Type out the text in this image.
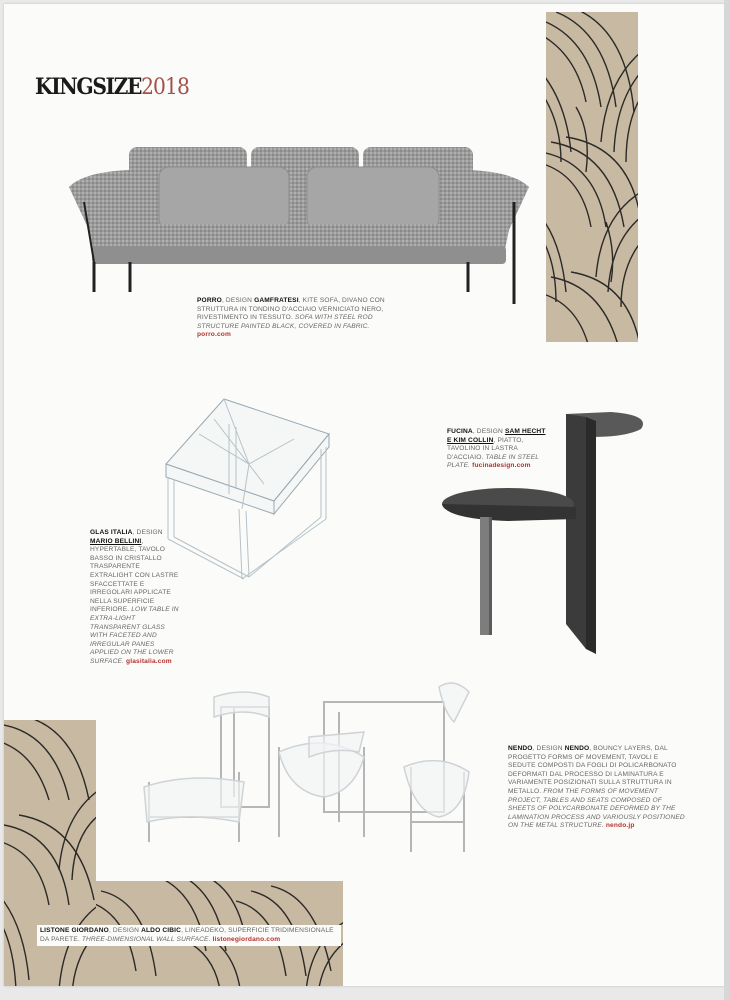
KINGSIZE2018
PORRO, DESIGN GAMFRATESI, KITE SOFA, DIVANO CON STRUTTURA IN TONDINO D'ACCIAIO VERNICIATO NERO, RIVESTIMENTO IN TESSUTO. SOFA WITH STEEL ROD STRUCTURE PAINTED BLACK, COVERED IN FABRIC. porro.com
GLAS ITALIA, DESIGN MARIO BELLINI, HYPERTABLE, TAVOLO BASSO IN CRISTALLO TRASPARENTE EXTRALIGHT CON LASTRE SFACCETTATE E IRREGOLARI APPLICATE NELLA SUPERFICIE INFERIORE. LOW TABLE IN EXTRA-LIGHT TRANSPARENT GLASS WITH FACETED AND IRREGULAR PANES APPLIED ON THE LOWER SURFACE. glasitalia.com
FUCINA, DESIGN SAM HECHT E KIM COLLIN, PIATTO, TAVOLINO IN LASTRA D'ACCIAIO. TABLE IN STEEL PLATE. fucinadesign.com
NENDO, DESIGN NENDO, BOUNCY LAYERS, DAL PROGETTO FORMS OF MOVEMENT, TAVOLI E SEDUTE COMPOSTI DA FOGLI DI POLICARBONATO DEFORMATI DAL PROCESSO DI LAMINATURA E VARIAMENTE POSIZIONATI SULLA STRUTTURA IN METALLO. FROM THE FORMS OF MOVEMENT PROJECT, TABLES AND SEATS COMPOSED OF SHEETS OF POLYCARBONATE DEFORMED BY THE LAMINATION PROCESS AND VARIOUSLY POSITIONED ON THE METAL STRUCTURE. nendo.jp
LISTONE GIORDANO, DESIGN ALDO CIBIC, LINEADEKO, SUPERFICIE TRIDIMENSIONALE DA PARETE. THREE-DIMENSIONAL WALL SURFACE. listonegiordano.com
